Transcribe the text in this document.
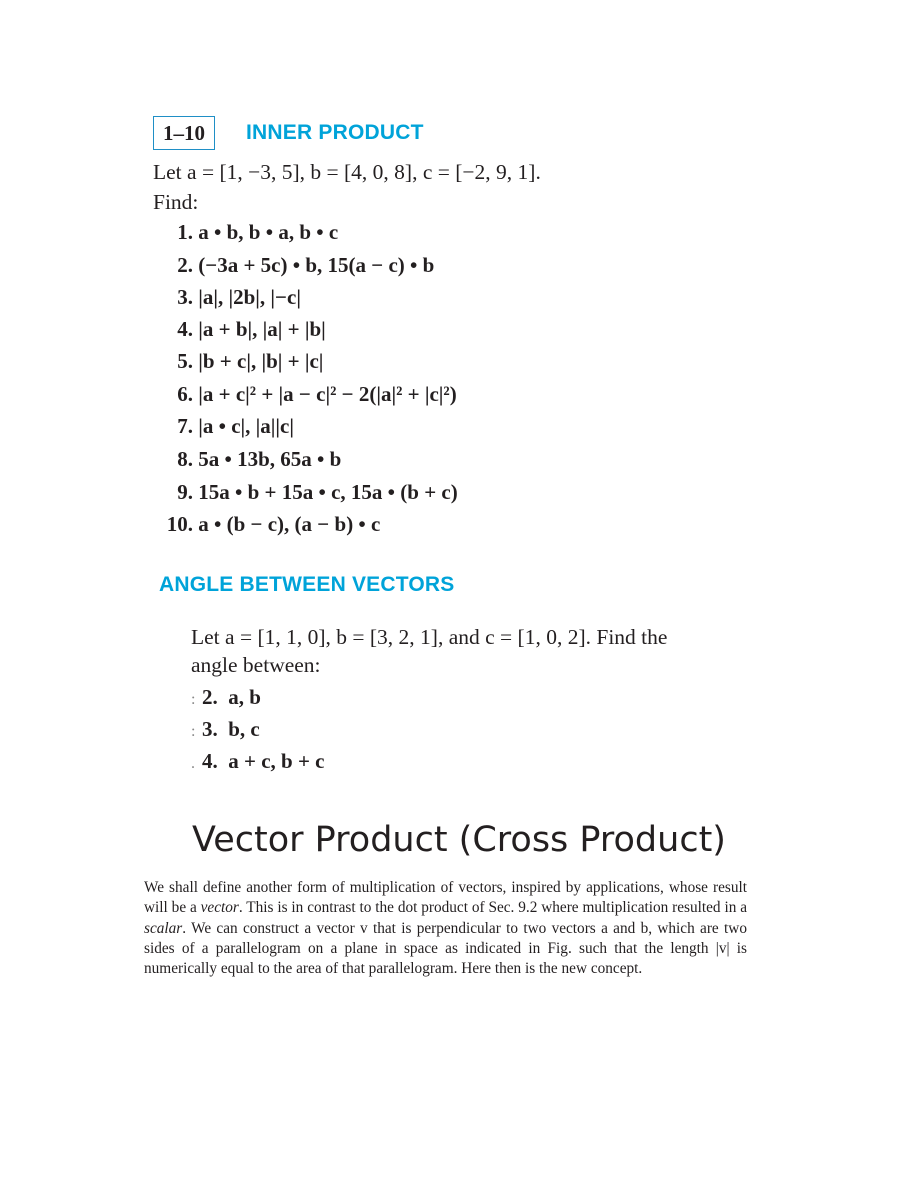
1–10	INNER PRODUCT
Let a = [1, −3, 5], b = [4, 0, 8], c = [−2, 9, 1].
Find:
1. a • b, b • a, b • c
2. (−3a + 5c) • b, 15(a − c) • b
3. |a|, |2b|, |−c|
4. |a + b|, |a| + |b|
5. |b + c|, |b| + |c|
6. |a + c|² + |a − c|² − 2(|a|² + |c|²)
7. |a • c|, |a||c|
8. 5a • 13b, 65a • b
9. 15a • b + 15a • c, 15a • (b + c)
10. a • (b − c), (a − b) • c
ANGLE BETWEEN VECTORS
Let a = [1, 1, 0], b = [3, 2, 1], and c = [1, 0, 2]. Find the
angle between:
: 2. a, b
: 3. b, c
. 4. a + c, b + c
Vector Product (Cross Product)
We shall define another form of multiplication of vectors, inspired by applications, whose result will be a vector. This is in contrast to the dot product of Sec. 9.2 where multiplication resulted in a scalar. We can construct a vector v that is perpendicular to two vectors a and b, which are two sides of a parallelogram on a plane in space as indicated in Fig. such that the length |v| is numerically equal to the area of that parallelogram. Here then is the new concept.
